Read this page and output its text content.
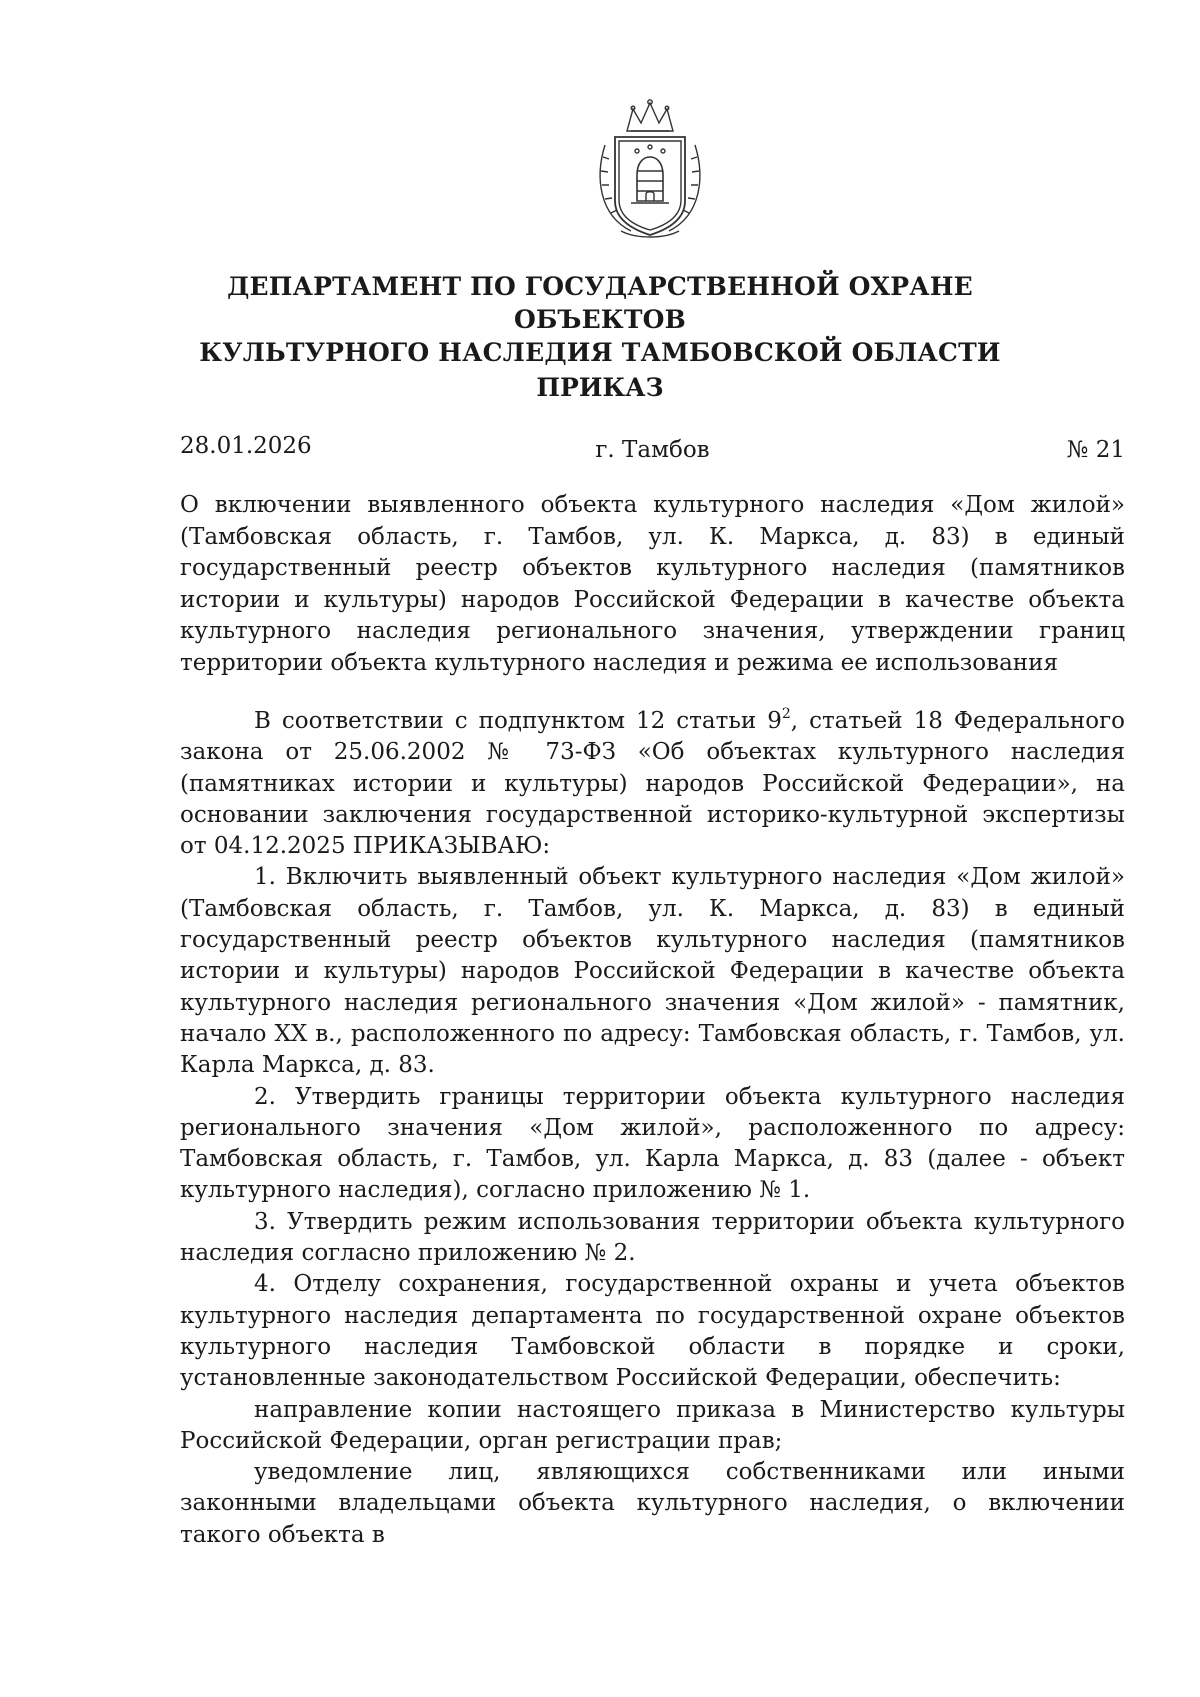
ДЕПАРТАМЕНТ ПО ГОСУДАРСТВЕННОЙ ОХРАНЕ ОБЪЕКТОВ
КУЛЬТУРНОГО НАСЛЕДИЯ ТАМБОВСКОЙ ОБЛАСТИ
ПРИКАЗ
28.01.2026	г. Тамбов	№ 21
О включении выявленного объекта культурного наследия «Дом жилой» (Тамбовская область, г. Тамбов, ул. К. Маркса, д. 83) в единый государственный реестр объектов культурного наследия (памятников истории и культуры) народов Российской Федерации в качестве объекта культурного наследия регионального значения, утверждении границ территории объекта культурного наследия и режима ее использования

В соответствии с подпунктом 12 статьи $9^2$, статьей 18 Федерального закона от 25.06.2002 № 73-ФЗ «Об объектах культурного наследия (памятниках истории и культуры) народов Российской Федерации», на основании заключения государственной историко-культурной экспертизы от 04.12.2025 ПРИКАЗЫВАЮ:

1. Включить выявленный объект культурного наследия «Дом жилой» (Тамбовская область, г. Тамбов, ул. К. Маркса, д. 83) в единый государственный реестр объектов культурного наследия (памятников истории и культуры) народов Российской Федерации в качестве объекта культурного наследия регионального значения «Дом жилой» - памятник, начало XX в., расположенного по адресу: Тамбовская область, г. Тамбов, ул. Карла Маркса, д. 83.

2. Утвердить границы территории объекта культурного наследия регионального значения «Дом жилой», расположенного по адресу: Тамбовская область, г. Тамбов, ул. Карла Маркса, д. 83 (далее - объект культурного наследия), согласно приложению № 1.

3. Утвердить режим использования территории объекта культурного наследия согласно приложению № 2.

4. Отделу сохранения, государственной охраны и учета объектов культурного наследия департамента по государственной охране объектов культурного наследия Тамбовской области в порядке и сроки, установленные законодательством Российской Федерации, обеспечить:

направление копии настоящего приказа в Министерство культуры Российской Федерации, орган регистрации прав;

уведомление лиц, являющихся собственниками или иными законными владельцами объекта культурного наследия, о включении такого объекта в
